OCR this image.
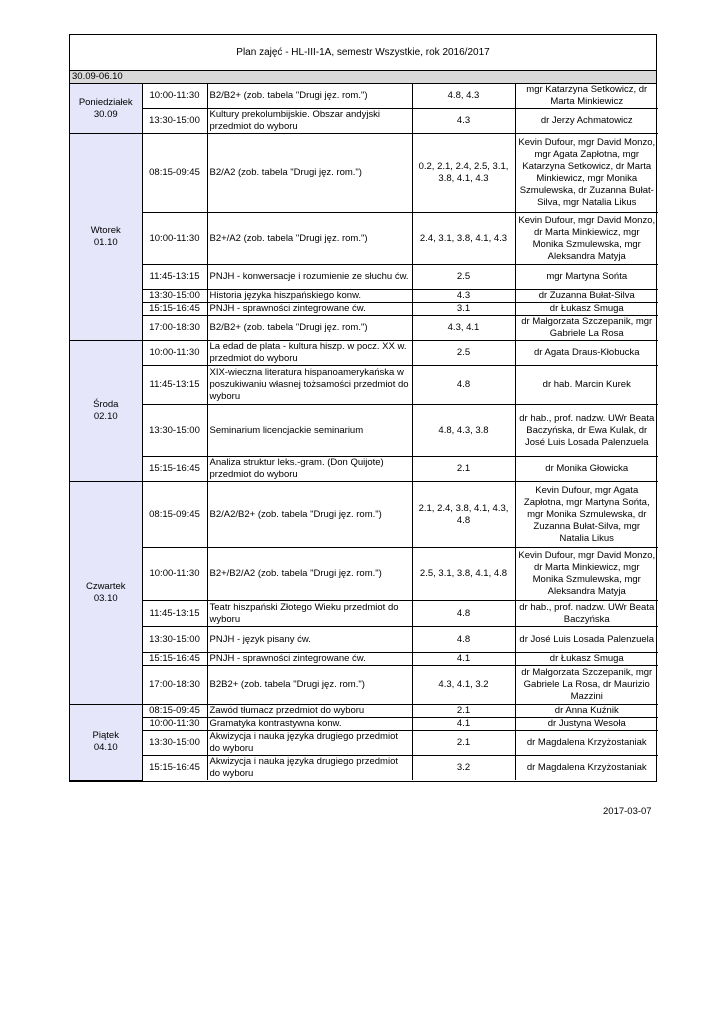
Plan zajęć - HL-III-1A, semestr Wszystkie, rok 2016/2017
30.09-06.10
Poniedziałek
30.09	10:00-11:30	B2/B2+ (zob. tabela "Drugi jęz. rom.")	4.8, 4.3	mgr Katarzyna Setkowicz, dr Marta Minkiewicz
	13:30-15:00	Kultury prekolumbijskie. Obszar andyjski przedmiot do wyboru	4.3	dr Jerzy Achmatowicz

Wtorek
01.10	08:15-09:45	B2/A2 (zob. tabela "Drugi jęz. rom.")	0.2, 2.1, 2.4, 2.5, 3.1, 3.8, 4.1, 4.3	Kevin Dufour, mgr David Monzo, mgr Agata Zapłotna, mgr Katarzyna Setkowicz, dr Marta Minkiewicz, mgr Monika Szmulewska, dr Zuzanna Bułat-Silva, mgr Natalia Likus
	10:00-11:30	B2+/A2 (zob. tabela "Drugi jęz. rom.")	2.4, 3.1, 3.8, 4.1, 4.3	Kevin Dufour, mgr David Monzo, dr Marta Minkiewicz, mgr Monika Szmulewska, mgr Aleksandra Matyja
	11:45-13:15	PNJH - konwersacje i rozumienie ze słuchu ćw.	2.5	mgr Martyna Sońta
	13:30-15:00	Historia języka hiszpańskiego konw.	4.3	dr Zuzanna Bułat-Silva
	15:15-16:45	PNJH - sprawności zintegrowane ćw.	3.1	dr Łukasz Smuga
	17:00-18:30	B2/B2+ (zob. tabela "Drugi jęz. rom.")	4.3, 4.1	dr Małgorzata Szczepanik, mgr Gabriele La Rosa

Środa
02.10	10:00-11:30	La edad de plata - kultura hiszp. w pocz. XX w. przedmiot do wyboru	2.5	dr Agata Draus-Kłobucka
	11:45-13:15	XIX-wieczna literatura hispanoamerykańska w poszukiwaniu własnej tożsamości przedmiot do wyboru	4.8	dr hab. Marcin Kurek
	13:30-15:00	Seminarium licencjackie seminarium	4.8, 4.3, 3.8	dr hab., prof. nadzw. UWr Beata Baczyńska, dr Ewa Kulak, dr José Luis Losada Palenzuela
	15:15-16:45	Analiza struktur leks.-gram. (Don Quijote) przedmiot do wyboru	2.1	dr Monika Głowicka

Czwartek
03.10	08:15-09:45	B2/A2/B2+ (zob. tabela "Drugi jęz. rom.")	2.1, 2.4, 3.8, 4.1, 4.3, 4.8	Kevin Dufour, mgr Agata Zapłotna, mgr Martyna Sońta, mgr Monika Szmulewska, dr Zuzanna Bułat-Silva, mgr Natalia Likus
	10:00-11:30	B2+/B2/A2 (zob. tabela "Drugi jęz. rom.")	2.5, 3.1, 3.8, 4.1, 4.8	Kevin Dufour, mgr David Monzo, dr Marta Minkiewicz, mgr Monika Szmulewska, mgr Aleksandra Matyja
	11:45-13:15	Teatr hiszpański Złotego Wieku przedmiot do wyboru	4.8	dr hab., prof. nadzw. UWr Beata Baczyńska
	13:30-15:00	PNJH - język pisany ćw.	4.8	dr José Luis Losada Palenzuela
	15:15-16:45	PNJH - sprawności zintegrowane ćw.	4.1	dr Łukasz Smuga
	17:00-18:30	B2B2+ (zob. tabela "Drugi jęz. rom.")	4.3, 4.1, 3.2	dr Małgorzata Szczepanik, mgr Gabriele La Rosa, dr Maurizio Mazzini

Piątek
04.10	08:15-09:45	Zawód tłumacz przedmiot do wyboru	2.1	dr Anna Kuźnik
	10:00-11:30	Gramatyka kontrastywna konw.	4.1	dr Justyna Wesoła
	13:30-15:00	Akwizycja i nauka języka drugiego przedmiot do wyboru	2.1	dr Magdalena Krzyżostaniak
	15:15-16:45	Akwizycja i nauka języka drugiego przedmiot do wyboru	3.2	dr Magdalena Krzyżostaniak
2017-03-07
